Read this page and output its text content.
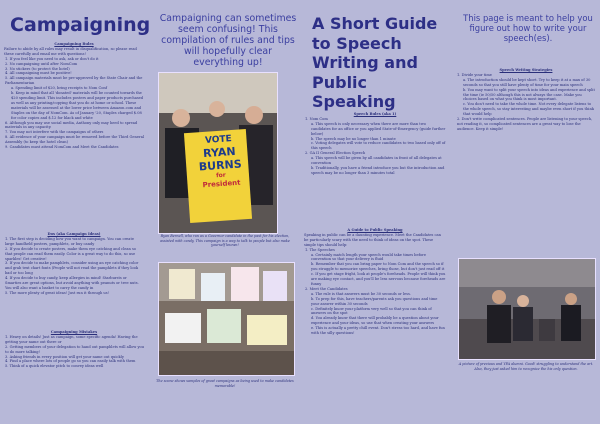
Campaigning
Campaigning Rules

Failure to abide by all rules may result in disqualification, so please read these carefully and email me with questions!

1. If you feel like you need to ask, ask or don't do it

2. No campaigning until after NomCom

3. No stickers (to protect the hotel)

4. All campaigning must be positive!

5. All campaign materials must be pre-approved by the State Chair and the Parliamentarian

a. Spending limit of $20, bring receipts to Nom Conf

b. Keep in mind that all 'donated' materials will be counted towards the $20 spending limit. This includes posters and paper products purchased as well as any printing/copying that you do at home or school. These materials will be assessed at the lower price between Amazon.com and Staples on the day of NomCom. As of January '20, Staples charged $.08 for color copies and $.12 for black and white

6. Although you may use social media, Anthony only may heed to spread materials in any capacity.

7. You may not interfere with the campaigns of others

8. All evidence of your campaign must be removed before the Third General Assembly (to keep the hotel clean)

9. Candidates must attend NomCom and Meet the Candidates

Dos (aka Campaign Ideas)

1. The first step is deciding how you want to campaign. You can create large handheld posters, pamphlets, or buy candy

2. If you decide to create posters, make them eye catching and clean so that people can read them easily. Color is a great way to do this, so use sparkles! Get creative!

3. If you decide to make pamphlets, consider using an eye catching color and grab text chart fonts (People will not read the pamphlets if they look bad or too long

4. If you decide to buy candy, keep allergies in mind! Starbursts or Smarties are great options, but avoid anything with peanuts or tree nuts. You will also want a basket to carry the candy in

5. The more plenty of great ideas! Just run it through us!

Campaigning Mistakes

1. Heavy on details! Just as campaign, some specific agenda! Having the getting your name out there or

2. Getting members of your delegation to hand out pamphlets will allow you to do more talking!

3. Asking friends in every position will get your name out quickly

4. Find a place where lots of people go so you can easily talk with them

5. Think of a quick elevator pitch to convey ideas well

Campaigning can sometimes seem confusing! This compilation of rules and tips will hopefully clear everything up!
VOTE
RYAN
BURNS
for
President
Ryan Bernell, who ran as a Governor candidate in the past for his election, assisted with candy. This campaign is a way to talk to people but also make yourself known!
The scene shows samples of great campaigns as being used to make candidates memorable!
A Short Guide to Speech Writing and Public Speaking
Speech Rules (aka 1)

1. Nom Com

a. This speech is only necessary when there are more than two candidates for an office or you applied State-of-Emergency (guide further below)

b. The speech may be no longer than 1 minute

c. Voting delegates will vote to reduce candidates to two based only off of this speech

2. GA II General Election Speech

a. This speech will be given by all candidates in front of all delegates at convention

b. Traditionally, you have a friend introduce you but the introduction and speech may be no longer than 3 minutes total

A Guide to Public Speaking

Speaking in public can be a daunting experience. Meet the Candidates can be particularly scary with the need to think of ideas on the spot. These simple tips should help:

1. The Speeches

a. Certainly match length your speech would take times before convention so that your delivery is fluid

b. Remember that you can bring paper to Nom Com and the speech so if you struggle to memorize speeches, bring those, but don't just read off it

c. If you get stage fright, look at people's foreheads. People will think you are making eye contact, and you'll be less nervous because foreheads are funny

2. Meet the Candidates

a. The rule is that answers must be 30 seconds or less.

b. To prep for this, have teachers/parents ask you questions and time your answer within 30 seconds

c. Definitely know your platform very well so that you can think of answers on the spot

d. You already know that there will probably be a question about your experience and your ideas, so use that when creating your answers

e. This is actually a pretty chill event. Don't stress too hard, and have fun with the silly questions!

This page is meant to help you figure out how to write your speech(es).
Speech Writing Strategies

1. Divide your time

a. The introduction should be kept short. Try to keep it at a max of 30 seconds so that you still have plenty of time for your main speech

b. You may want to split your speech into ideas and experience and split the time (ie 50/50 although this is not always the case. Make you choices based on what you think is most important.

c. You don't need to take the whole time. Not every delegate listens to the whole speech, so stay interesting and maybe even short if you think that would help

2. Don't write complicated sentences. People are listening to your speech, not reading it, so complicated sentences are a great way to lose the audience. Keep it simple!

A picture of previous and YPA alumni. Good! struggling to understand the art. Also, they just asked him to recognize the his only question.
